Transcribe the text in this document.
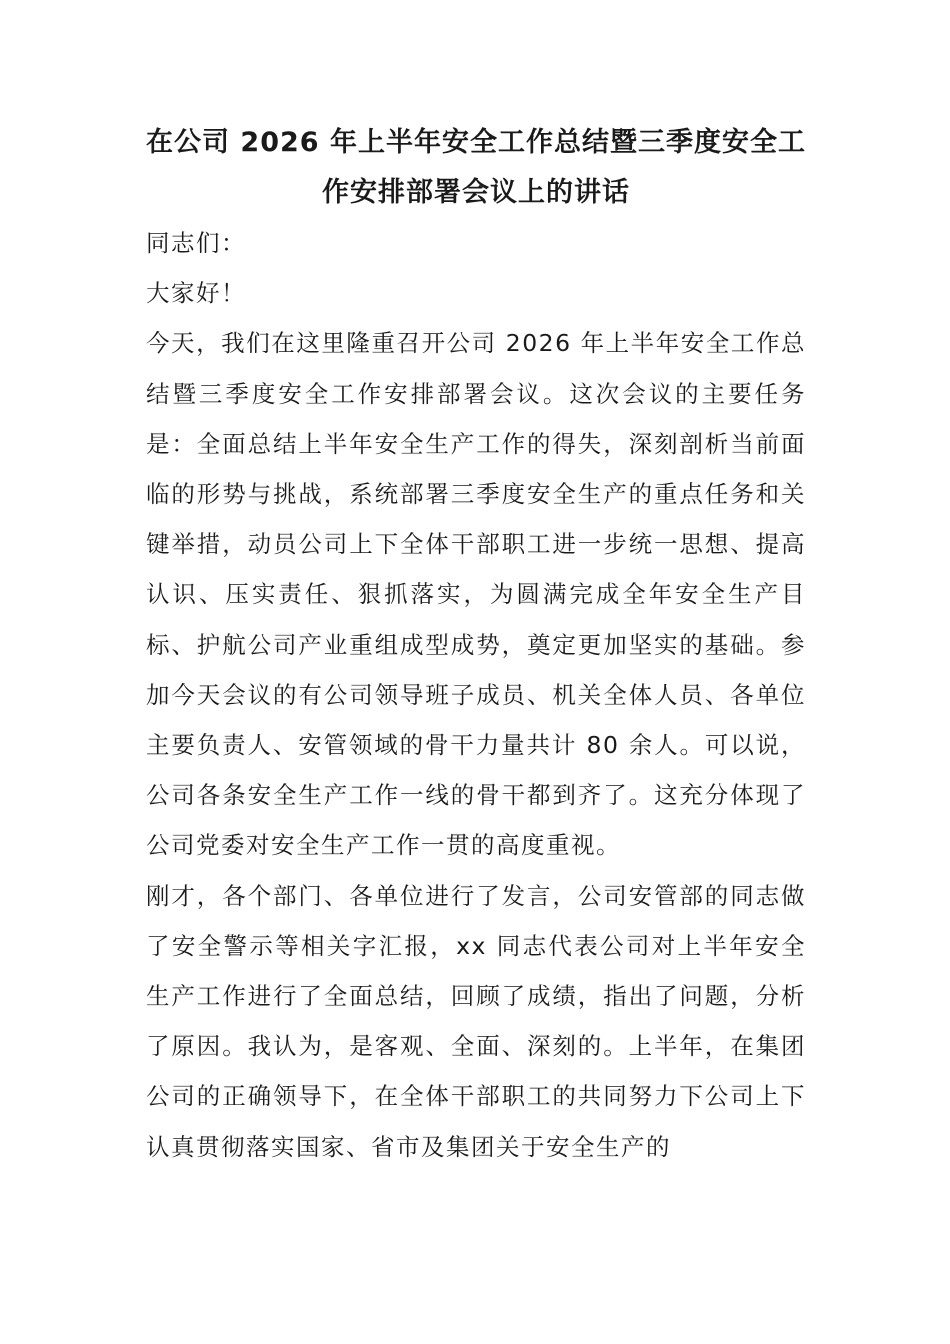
在公司 2026 年上半年安全工作总结暨三季度安全工
作安排部署会议上的讲话

同志们：

大家好！

今天，我们在这里隆重召开公司 2026 年上半年安全工作总结暨三季度安全工作安排部署会议。这次会议的主要任务是：全面总结上半年安全生产工作的得失，深刻剖析当前面临的形势与挑战，系统部署三季度安全生产的重点任务和关键举措，动员公司上下全体干部职工进一步统一思想、提高认识、压实责任、狠抓落实，为圆满完成全年安全生产目标、护航公司产业重组成型成势，奠定更加坚实的基础。参加今天会议的有公司领导班子成员、机关全体人员、各单位主要负责人、安管领域的骨干力量共计 80 余人。可以说，公司各条安全生产工作一线的骨干都到齐了。这充分体现了公司党委对安全生产工作一贯的高度重视。

刚才，各个部门、各单位进行了发言，公司安管部的同志做了安全警示等相关字汇报，xx 同志代表公司对上半年安全生产工作进行了全面总结，回顾了成绩，指出了问题，分析了原因。我认为，是客观、全面、深刻的。上半年，在集团公司的正确领导下，在全体干部职工的共同努力下公司上下认真贯彻落实国家、省市及集团关于安全生产的
